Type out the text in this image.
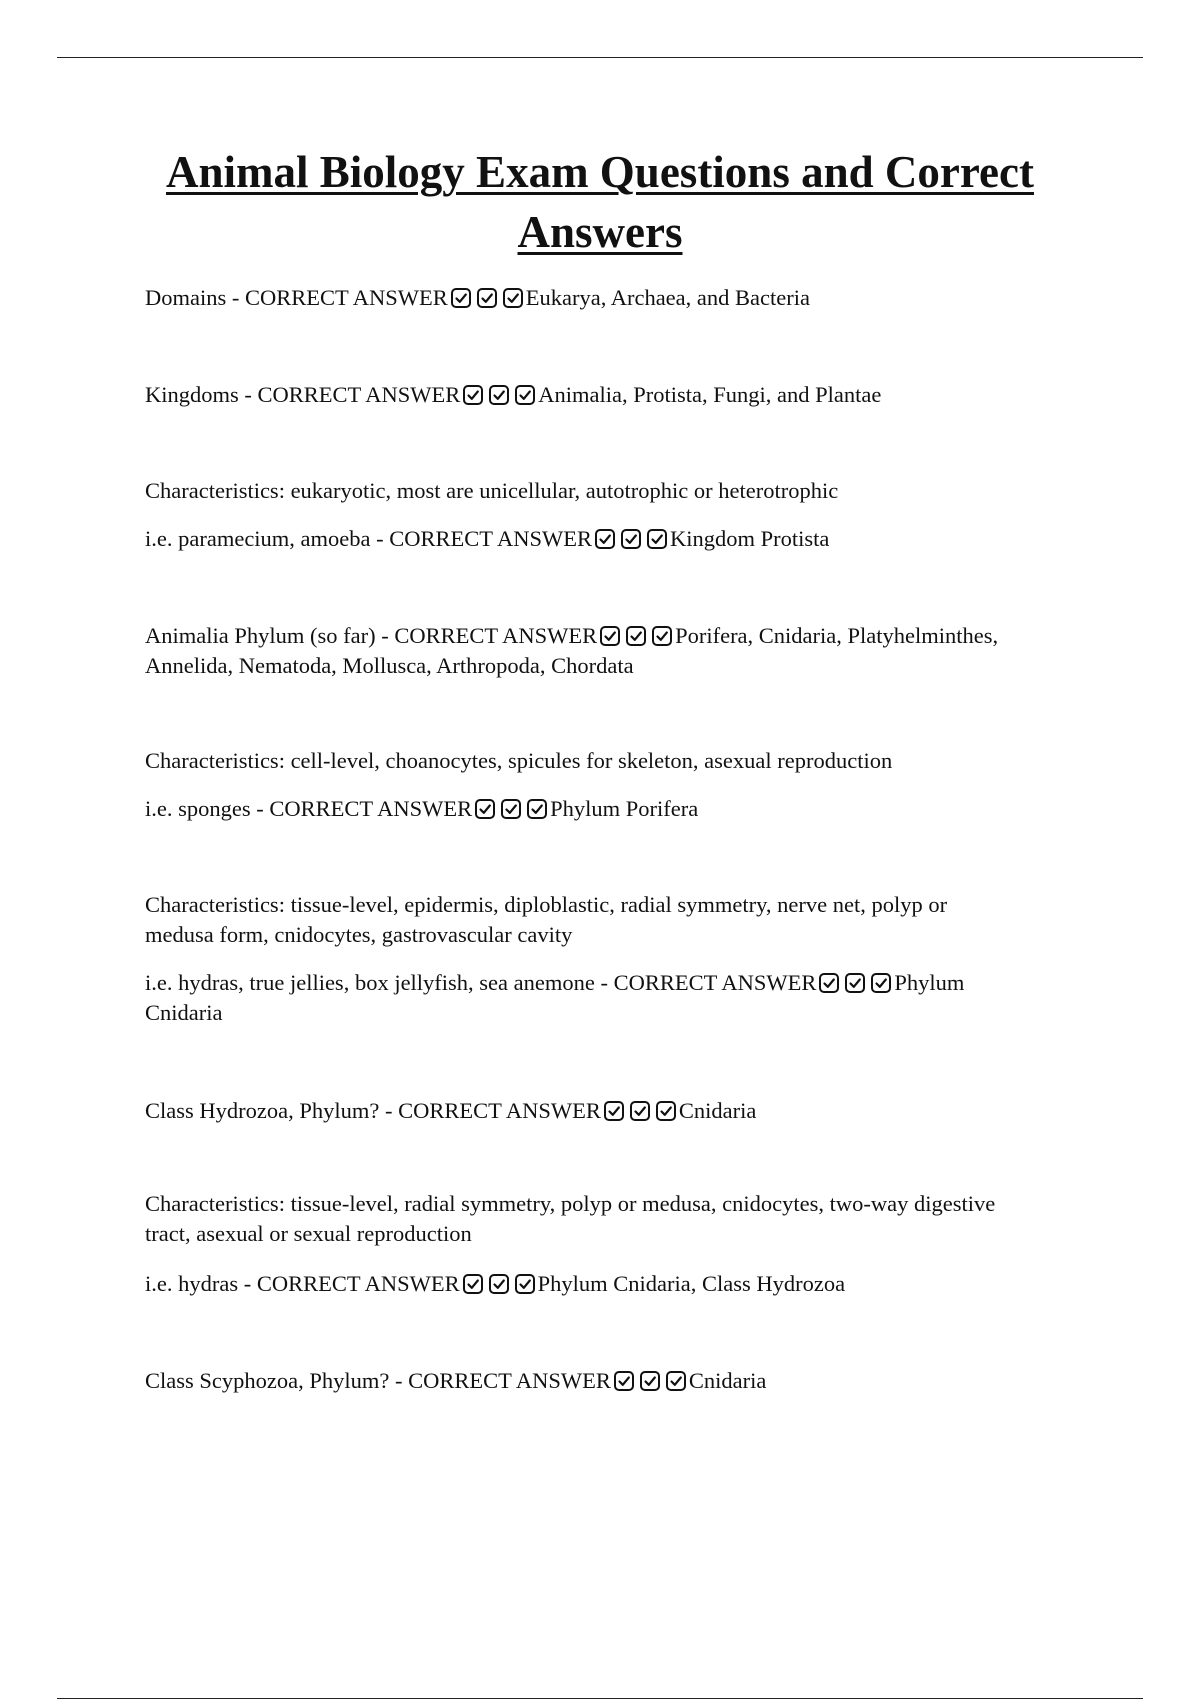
Animal Biology Exam Questions and Correct
Answers

Domains - CORRECT ANSWER	Eukarya, Archaea, and Bacteria

Kingdoms - CORRECT ANSWER	Animalia, Protista, Fungi, and Plantae

Characteristics: eukaryotic, most are unicellular, autotrophic or heterotrophic

i.e. paramecium, amoeba - CORRECT ANSWER	Kingdom Protista

Animalia Phylum (so far) - CORRECT ANSWER	Porifera, Cnidaria, Platyhelminthes,
Annelida, Nematoda, Mollusca, Arthropoda, Chordata

Characteristics: cell-level, choanocytes, spicules for skeleton, asexual reproduction

i.e. sponges - CORRECT ANSWER	Phylum Porifera

Characteristics: tissue-level, epidermis, diploblastic, radial symmetry, nerve net, polyp or
medusa form, cnidocytes, gastrovascular cavity

i.e. hydras, true jellies, box jellyfish, sea anemone - CORRECT ANSWER	Phylum
Cnidaria

Class Hydrozoa, Phylum? - CORRECT ANSWER	Cnidaria

Characteristics: tissue-level, radial symmetry, polyp or medusa, cnidocytes, two-way digestive
tract, asexual or sexual reproduction

i.e. hydras - CORRECT ANSWER	Phylum Cnidaria, Class Hydrozoa

Class Scyphozoa, Phylum? - CORRECT ANSWER	Cnidaria
